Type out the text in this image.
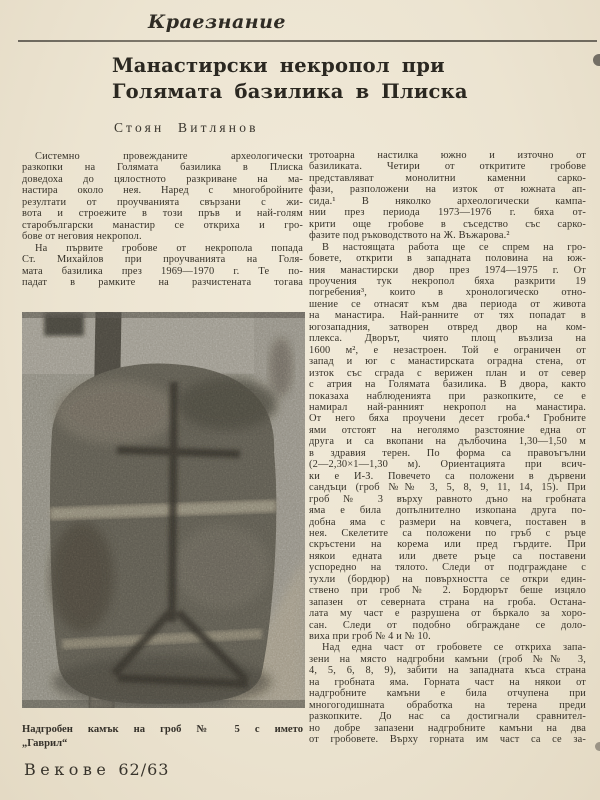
Краезнание
Манастирски некропол при
Голямата базилика в Плиска
Стоян Витлянов
Системно провежданите археологически
разкопки на Голямата базилика в Плиска
доведоха до цялостното разкриване на ма-
настира около нея. Наред с многобройните
резултати от проучванията свързани с жи-
вота и строежите в този пръв и най-голям
старобългарски манастир се откриха и гро-
бове от неговия некропол.
На първите гробове от некропола попада
Ст. Михайлов при проучванията на Голя-
мата базилика през 1969—1970 г. Те по-
падат в рамките на разчистената тогава
тротоарна настилка южно и източно от
базиликата. Четири от откритите гробове
представляват монолитни каменни сарко-
фази, разположени на изток от южната ап-
сида.¹ В няколко археологически кампа-
нии през периода 1973—1976 г. бяха от-
крити още гробове в съседство със сарко-
фазите под ръководството на Ж. Въжарова.²
В настоящата работа ще се спрем на гро-
бовете, открити в западната половина на юж-
ния манастирски двор през 1974—1975 г. От
проучения тук некропол бяха разкрити 19
погребения³, които в хронологическо отно-
шение се отнасят към два периода от живота
на манастира. Най-ранните от тях попадат в
югозападния, затворен отвред двор на ком-
плекса. Дворът, чиято площ възлиза на
1600 м², е незастроен. Той е ограничен от
запад и юг с манастирската оградна стена, от
изток със сграда с верижен план и от север
с атрия на Голямата базилика. В двора, както
показаха наблюденията при разкопките, се е
намирал най-ранният некропол на манастира.
От него бяха проучени десет гроба.⁴ Гробните
ями отстоят на неголямо разстояние една от
друга и са вкопани на дълбочина 1,30—1,50 м
в здравия терен. По форма са правоъгълни
(2—2,30×1—1,30 м). Ориентацията при всич-
ки е И-З. Повечето са положени в дървени
сандъци (гроб №№ 3, 5, 8, 9, 11, 14, 15). При
гроб № 3 върху равното дъно на гробната
яма е била допълнително изкопана друга по-
добна яма с размери на ковчега, поставен в
нея. Скелетите са положени по гръб с ръце
скръстени на корема или пред гърдите. При
някои едната или двете ръце са поставени
успоредно на тялото. Следи от подграждане с
тухли (бордюр) на повърхността се откри един-
ствено при гроб № 2. Бордюрът беше изцяло
запазен от северната страна на гроба. Остана-
лата му част е разрушена от бъркало за хоро-
сан. Следи от подобно обграждане се доло-
виха при гроб № 4 и № 10.
Над една част от гробовете се откриха запа-
зени на място надгробни камъни (гроб №№ 3,
4, 5, 6, 8, 9), забити на западната къса страна
на гробната яма. Горната част на някои от
надгробните камъни е била отчупена при
многогодишната обработка на терена преди
разкопките. До нас са достигнали сравнител-
но добре запазени надгробните камъни на два
от гробовете. Върху горната им част са се за-
Надгробен камък на гроб № 5 с името
„Гаврил“
Векове 62/63
